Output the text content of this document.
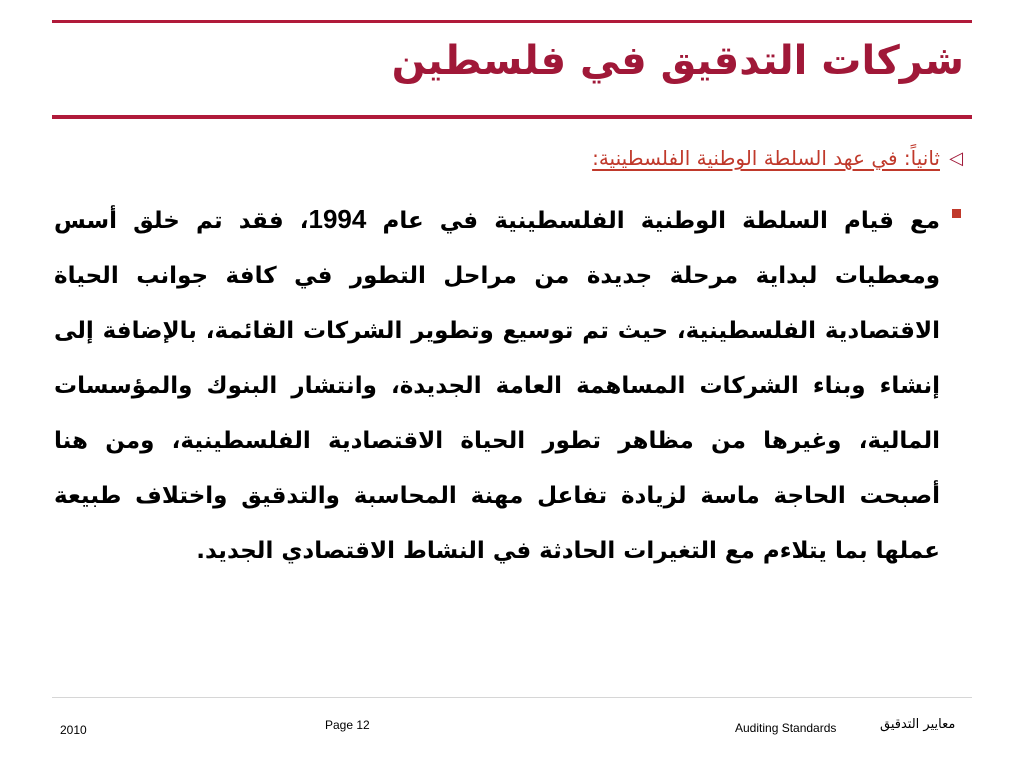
شركات التدقيق في فلسطين
◁
ثانياً: في عهد السلطة الوطنية الفلسطينية:

مع قيام السلطة الوطنية الفلسطينية في عام 1994، فقد تم خلق أسس ومعطيات لبداية مرحلة جديدة من مراحل التطور في كافة جوانب الحياة الاقتصادية الفلسطينية، حيث تم توسيع وتطوير الشركات القائمة، بالإضافة إلى إنشاء وبناء الشركات المساهمة العامة الجديدة، وانتشار البنوك والمؤسسات المالية، وغيرها من مظاهر تطور الحياة الاقتصادية الفلسطينية، ومن هنا أصبحت الحاجة ماسة لزيادة تفاعل مهنة المحاسبة والتدقيق واختلاف طبيعة عملها بما يتلاءم مع التغيرات الحادثة في النشاط الاقتصادي الجديد.

2010	Page 12	Auditing Standards	معايير التدقيق
